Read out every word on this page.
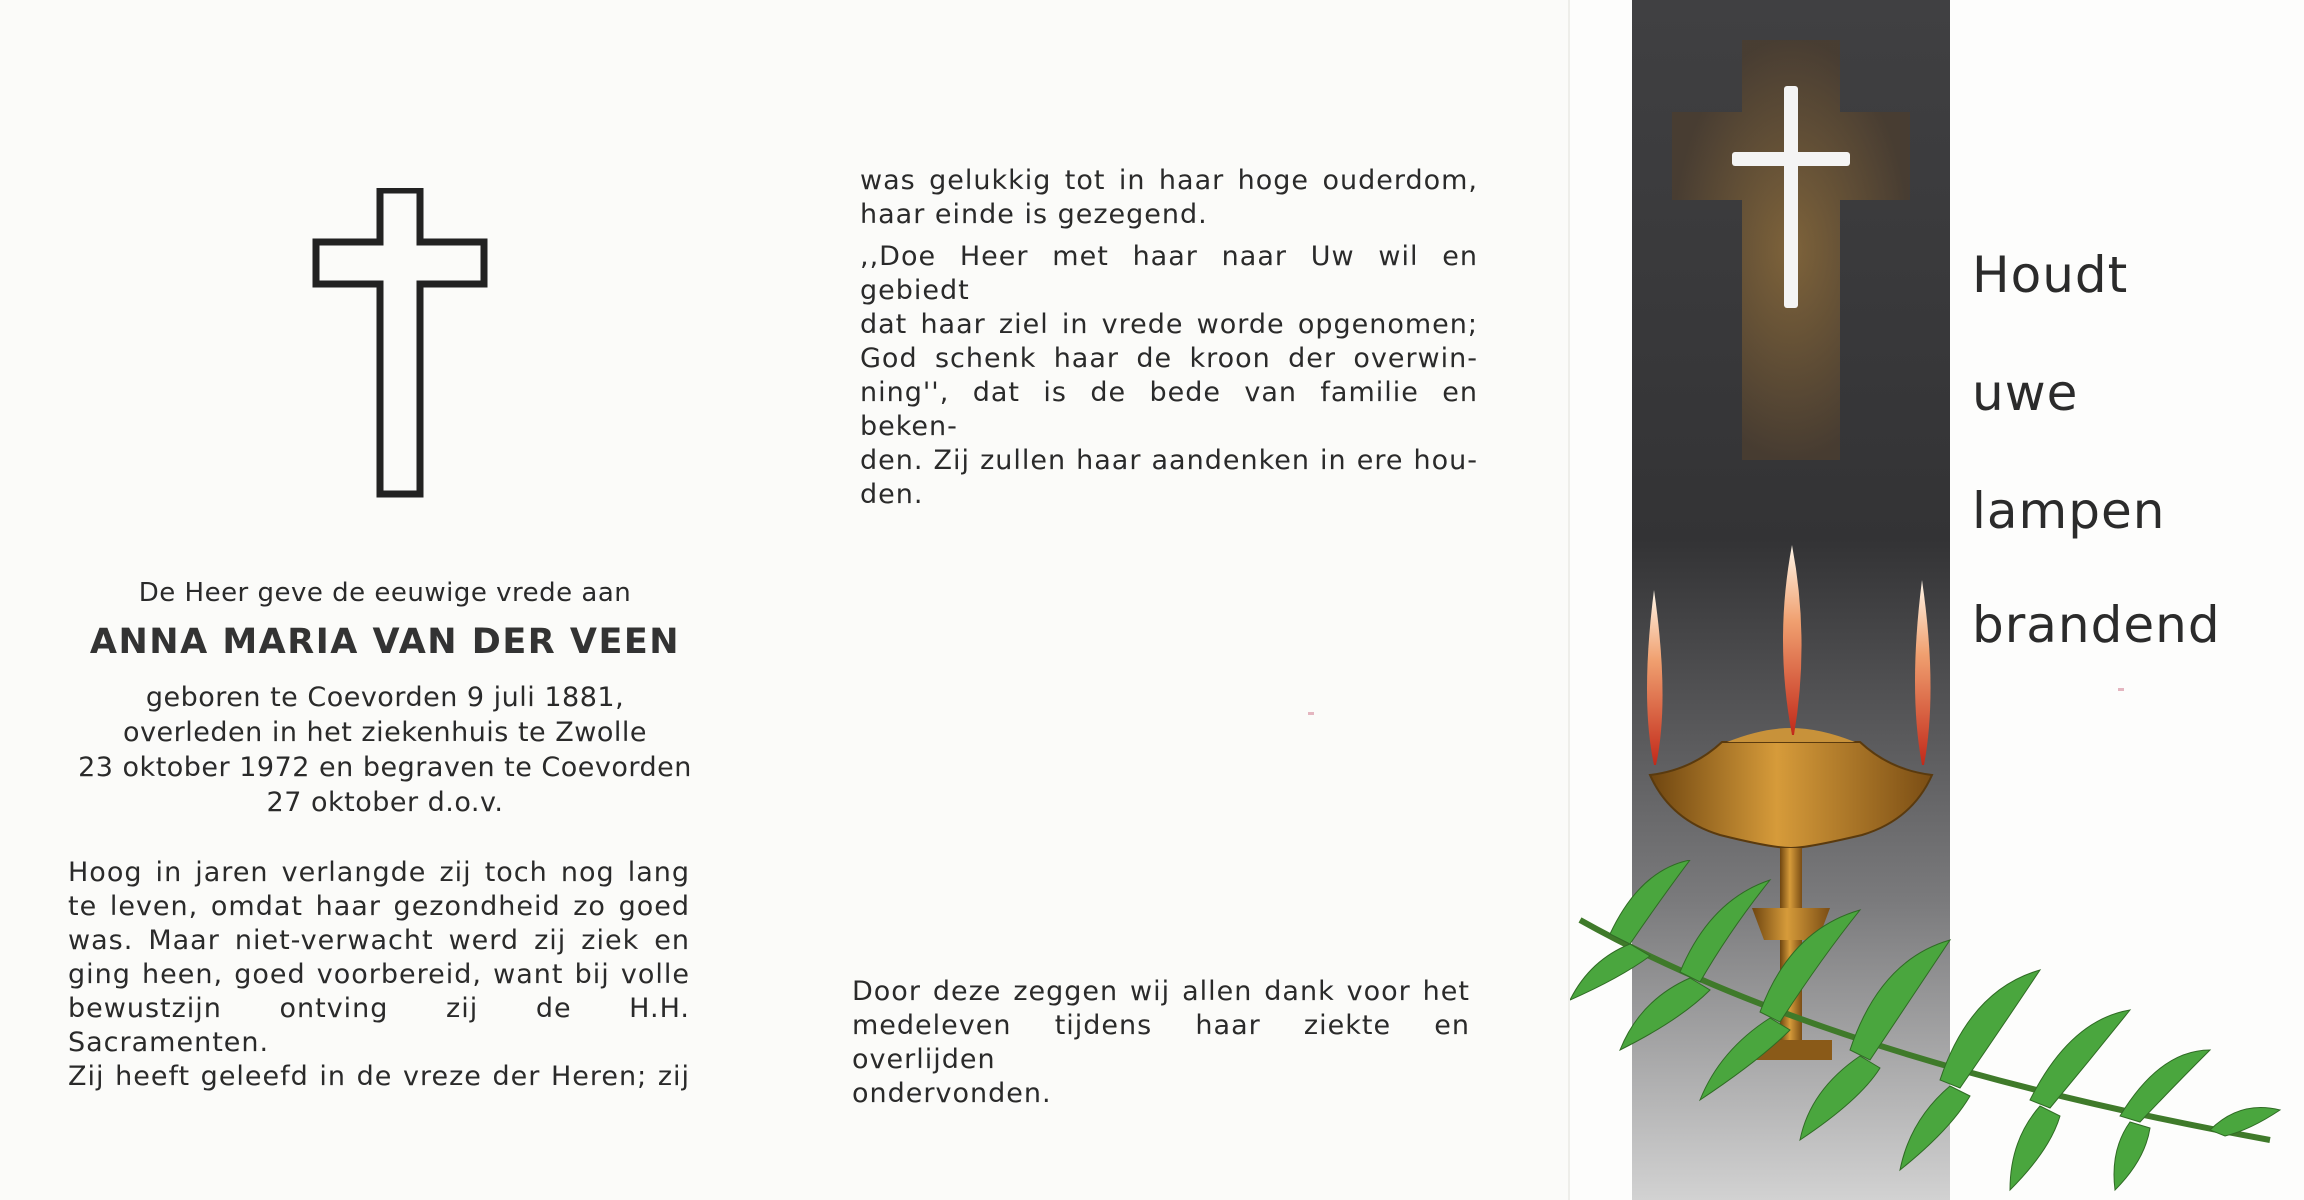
De Heer geve de eeuwige vrede aan
ANNA MARIA VAN DER VEEN
geboren te Coevorden 9 juli 1881,
overleden in het ziekenhuis te Zwolle
23 oktober 1972 en begraven te Coevorden
27 oktober d.o.v.
Hoog in jaren verlangde zij toch nog lang
te leven, omdat haar gezondheid zo goed
was. Maar niet-verwacht werd zij ziek en
ging heen, goed voorbereid, want bij volle
bewustzijn ontving zij de H.H. Sacramenten.
Zij heeft geleefd in de vreze der Heren; zij
was gelukkig tot in haar hoge ouderdom,
haar einde is gezegend.
,,Doe Heer met haar naar Uw wil en gebiedt
dat haar ziel in vrede worde opgenomen;
God schenk haar de kroon der overwin-
ning'', dat is de bede van familie en beken-
den. Zij zullen haar aandenken in ere hou-
den.
Door deze zeggen wij allen dank voor het
medeleven tijdens haar ziekte en overlijden
ondervonden.
Houdt
uwe
lampen
brandend
